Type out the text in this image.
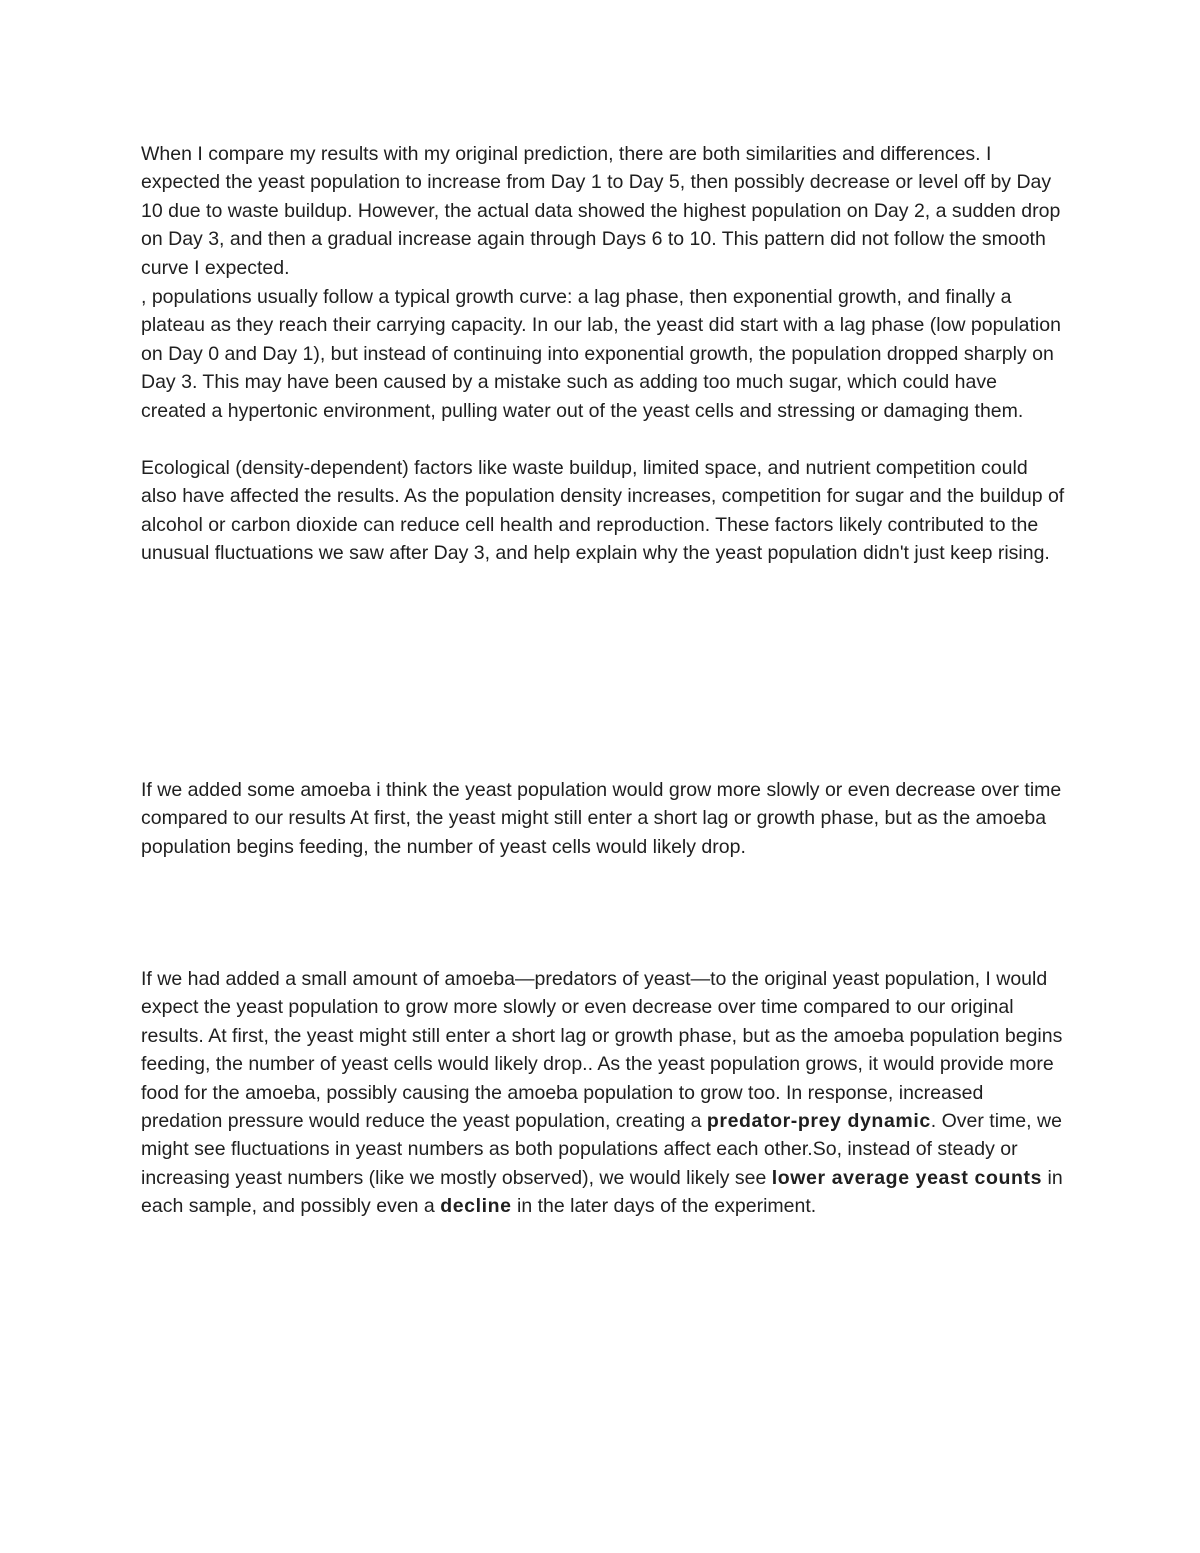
When I compare my results with my original prediction, there are both similarities and differences. I expected the yeast population to increase from Day 1 to Day 5, then possibly decrease or level off by Day 10 due to waste buildup. However, the actual data showed the highest population on Day 2, a sudden drop on Day 3, and then a gradual increase again through Days 6 to 10. This pattern did not follow the smooth curve I expected.

, populations usually follow a typical growth curve: a lag phase, then exponential growth, and finally a plateau as they reach their carrying capacity. In our lab, the yeast did start with a lag phase (low population on Day 0 and Day 1), but instead of continuing into exponential growth, the population dropped sharply on Day 3. This may have been caused by a mistake such as adding too much sugar, which could have created a hypertonic environment, pulling water out of the yeast cells and stressing or damaging them.

Ecological (density-dependent) factors like waste buildup, limited space, and nutrient competition could also have affected the results. As the population density increases, competition for sugar and the buildup of alcohol or carbon dioxide can reduce cell health and reproduction. These factors likely contributed to the unusual fluctuations we saw after Day 3, and help explain why the yeast population didn't just keep rising.

If we added some amoeba i think the yeast population would grow more slowly or even decrease over time compared to our results At first, the yeast might still enter a short lag or growth phase, but as the amoeba population begins feeding, the number of yeast cells would likely drop.

If we had added a small amount of amoeba—predators of yeast—to the original yeast population, I would expect the yeast population to grow more slowly or even decrease over time compared to our original results. At first, the yeast might still enter a short lag or growth phase, but as the amoeba population begins feeding, the number of yeast cells would likely drop.. As the yeast population grows, it would provide more food for the amoeba, possibly causing the amoeba population to grow too. In response, increased predation pressure would reduce the yeast population, creating a predator-prey dynamic. Over time, we might see fluctuations in yeast numbers as both populations affect each other.So, instead of steady or increasing yeast numbers (like we mostly observed), we would likely see lower average yeast counts in each sample, and possibly even a decline in the later days of the experiment.
